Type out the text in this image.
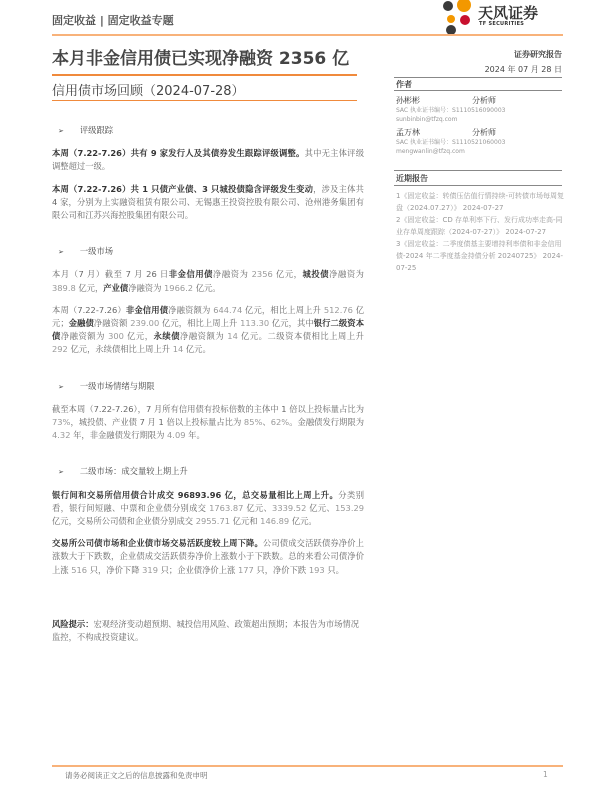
固定收益 | 固定收益专题	天风证券
TF SECURITIES
本月非金信用债已实现净融资 2356 亿
信用债市场回顾（2024-07-28）
证券研究报告
2024 年 07 月 28 日
作者
孙彬彬	分析师
SAC 执业证书编号：S1110516090003
sunbinbin@tfzq.com
孟万林	分析师
SAC 执业证书编号：S1110521060003
mengwanlin@tfzq.com
近期报告
1《固定收益：转债压估值行情持续-可转债市场每周复盘（2024.07.27）》 2024-07-27
2《固定收益：CD 存单利率下行、发行成功率走高-同业存单周度跟踪（2024-07-27）》 2024-07-27
3《固定收益：二季度债基主要增持利率债和非金信用债-2024 年二季度基金持债分析 20240725》 2024-07-25
➢ 评级跟踪
本周（7.22-7.26）共有 9 家发行人及其债券发生跟踪评级调整。其中无主体评级调整超过一级。
本周（7.22-7.26）共 1 只债产业债、3 只城投债隐含评级发生变动，涉及主体共 4 家，分别为上实融资租赁有限公司、无锡惠王投资控股有限公司、沧州港务集团有限公司和江苏兴海控股集团有限公司。
➢ 一级市场
本月（7 月）截至 7 月 26 日非金信用债净融资为 2356 亿元，城投债净融资为 389.8 亿元，产业债净融资为 1966.2 亿元。
本周（7.22-7.26）非金信用债净融资额为 644.74 亿元，相比上周上升 512.76 亿元；金融债净融资额 239.00 亿元，相比上周上升 113.30 亿元，其中银行二级资本债净融资额为 300 亿元，永续债净融资额为 14 亿元。二级资本债相比上周上升 292 亿元，永续债相比上周上升 14 亿元。
➢ 一级市场情绪与期限
截至本周（7.22-7.26），7 月所有信用债有投标倍数的主体中 1 倍以上投标量占比为 73%，城投债、产业债 7 月 1 倍以上投标量占比为 85%、62%。金融债发行期限为 4.32 年，非金融债发行期限为 4.09 年。
➢ 二级市场：成交量较上期上升
银行间和交易所信用债合计成交 96893.96 亿，总交易量相比上周上升。分类别看，银行间短融、中票和企业债分别成交 1763.87 亿元、3339.52 亿元、153.29 亿元，交易所公司债和企业债分别成交 2955.71 亿元和 146.89 亿元。
交易所公司债市场和企业债市场交易活跃度较上周下降。公司债成交活跃债券净价上涨数大于下跌数，企业债成交活跃债券净价上涨数小于下跌数。总的来看公司债净价上涨 516 只，净价下降 319 只；企业债净价上涨 177 只，净价下跌 193 只。
风险提示：宏观经济变动超预期、城投信用风险、政策超出预期；本报告为市场情况监控，不构成投资建议。
请务必阅读正文之后的信息披露和免责申明	1
